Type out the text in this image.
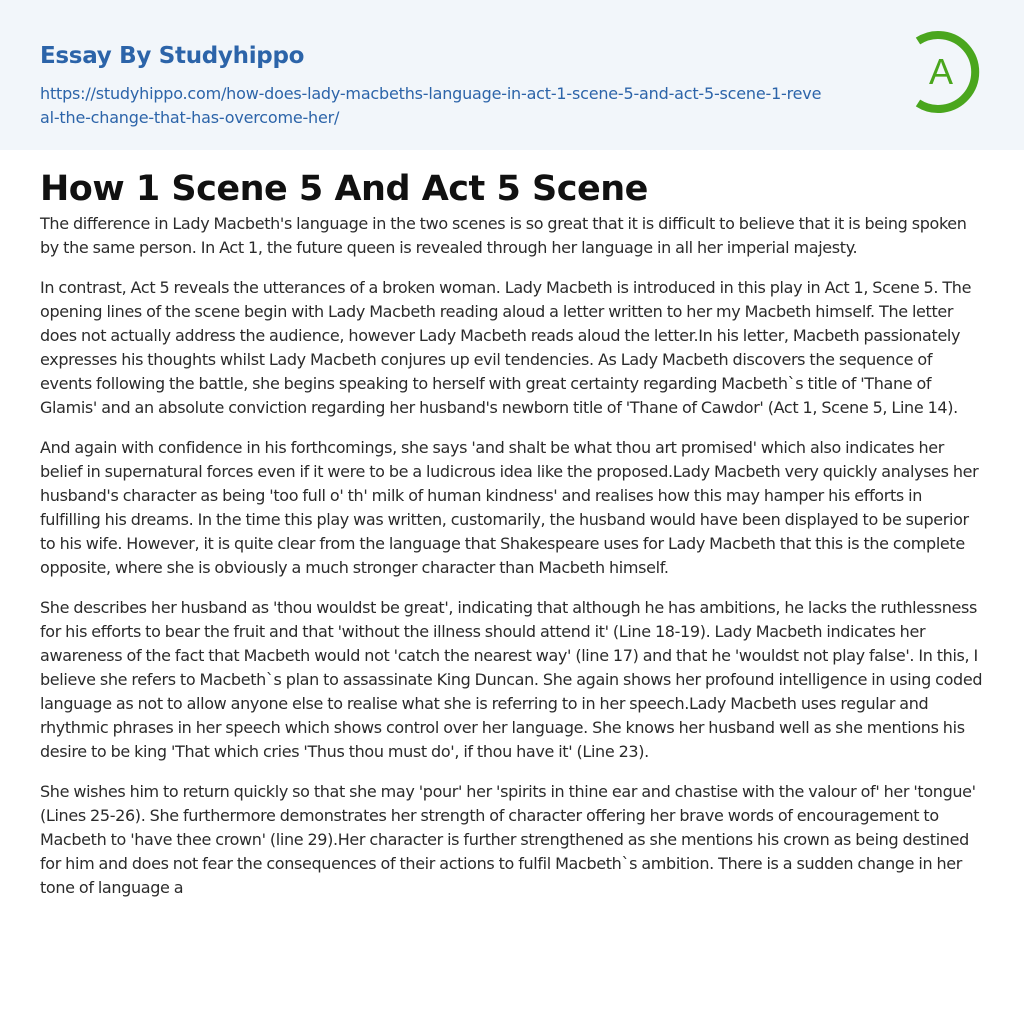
Essay By Studyhippo
https://studyhippo.com/how-does-lady-macbeths-language-in-act-1-scene-5-and-act-5-scene-1-reveal-the-change-that-has-overcome-her/
A
How 1 Scene 5 And Act 5 Scene

The difference in Lady Macbeth's language in the two scenes is so great that it is difficult to believe that it is being spoken by the same person. In Act 1, the future queen is revealed through her language in all her imperial majesty.

In contrast, Act 5 reveals the utterances of a broken woman. Lady Macbeth is introduced in this play in Act 1, Scene 5. The opening lines of the scene begin with Lady Macbeth reading aloud a letter written to her my Macbeth himself. The letter does not actually address the audience, however Lady Macbeth reads aloud the letter.In his letter, Macbeth passionately expresses his thoughts whilst Lady Macbeth conjures up evil tendencies. As Lady Macbeth discovers the sequence of events following the battle, she begins speaking to herself with great certainty regarding Macbeth`s title of 'Thane of Glamis' and an absolute conviction regarding her husband's newborn title of 'Thane of Cawdor' (Act 1, Scene 5, Line 14).

And again with confidence in his forthcomings, she says 'and shalt be what thou art promised' which also indicates her belief in supernatural forces even if it were to be a ludicrous idea like the proposed.Lady Macbeth very quickly analyses her husband's character as being 'too full o' th' milk of human kindness' and realises how this may hamper his efforts in fulfilling his dreams. In the time this play was written, customarily, the husband would have been displayed to be superior to his wife. However, it is quite clear from the language that Shakespeare uses for Lady Macbeth that this is the complete opposite, where she is obviously a much stronger character than Macbeth himself.

She describes her husband as 'thou wouldst be great', indicating that although he has ambitions, he lacks the ruthlessness for his efforts to bear the fruit and that 'without the illness should attend it' (Line 18-19). Lady Macbeth indicates her awareness of the fact that Macbeth would not 'catch the nearest way' (line 17) and that he 'wouldst not play false'. In this, I believe she refers to Macbeth`s plan to assassinate King Duncan. She again shows her profound intelligence in using coded language as not to allow anyone else to realise what she is referring to in her speech.Lady Macbeth uses regular and rhythmic phrases in her speech which shows control over her language. She knows her husband well as she mentions his desire to be king 'That which cries 'Thus thou must do', if thou have it' (Line 23).

She wishes him to return quickly so that she may 'pour' her 'spirits in thine ear and chastise with the valour of' her 'tongue' (Lines 25-26). She furthermore demonstrates her strength of character offering her brave words of encouragement to Macbeth to 'have thee crown' (line 29).Her character is further strengthened as she mentions his crown as being destined for him and does not fear the consequences of their actions to fulfil Macbeth`s ambition. There is a sudden change in her tone of language a
